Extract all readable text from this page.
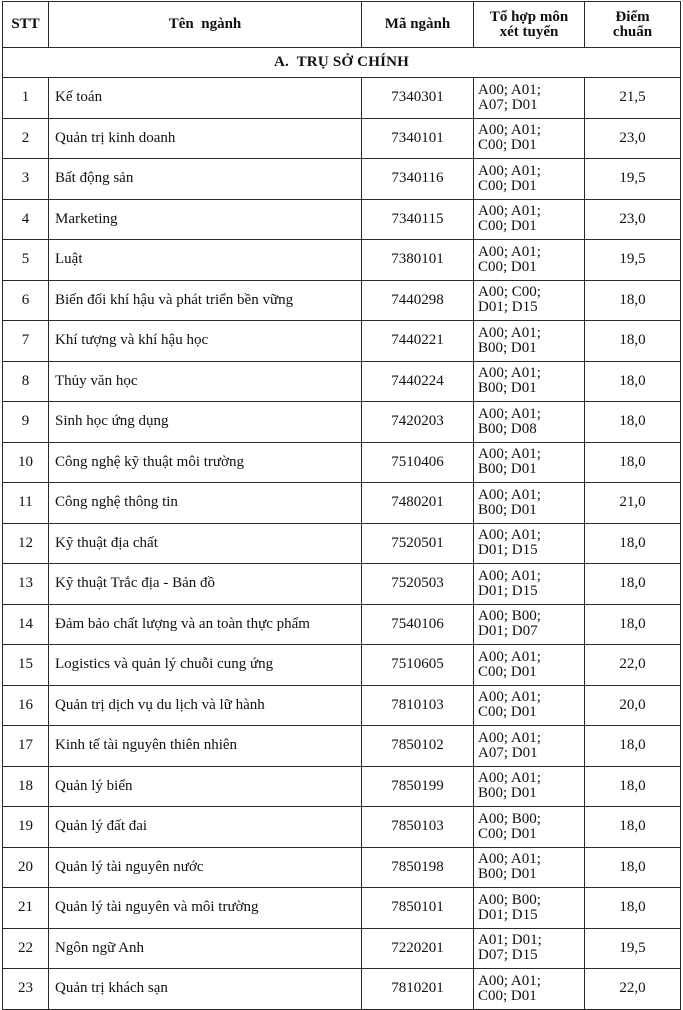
STT	Tên  ngành	Mã ngành	Tổ hợp môn
xét tuyển	Điểm
chuẩn

A.  TRỤ SỞ CHÍNH				
1	Kế toán	7340301	A00; A01;
A07; D01	21,5
2	Quản trị kinh doanh	7340101	A00; A01;
C00; D01	23,0
3	Bất động sản	7340116	A00; A01;
C00; D01	19,5
4	Marketing	7340115	A00; A01;
C00; D01	23,0
5	Luật	7380101	A00; A01;
C00; D01	19,5
6	Biến đổi khí hậu và phát triển bền vững	7440298	A00; C00;
D01; D15	18,0
7	Khí tượng và khí hậu học	7440221	A00; A01;
B00; D01	18,0
8	Thủy văn học	7440224	A00; A01;
B00; D01	18,0
9	Sinh học ứng dụng	7420203	A00; A01;
B00; D08	18,0
10	Công nghệ kỹ thuật môi trường	7510406	A00; A01;
B00; D01	18,0
11	Công nghệ thông tin	7480201	A00; A01;
B00; D01	21,0
12	Kỹ thuật địa chất	7520501	A00; A01;
D01; D15	18,0
13	Kỹ thuật Trắc địa - Bản đồ	7520503	A00; A01;
D01; D15	18,0
14	Đảm bảo chất lượng và an toàn thực phẩm	7540106	A00; B00;
D01; D07	18,0
15	Logistics và quản lý chuỗi cung ứng	7510605	A00; A01;
C00; D01	22,0
16	Quản trị dịch vụ du lịch và lữ hành	7810103	A00; A01;
C00; D01	20,0
17	Kinh tế tài nguyên thiên nhiên	7850102	A00; A01;
A07; D01	18,0
18	Quản lý biển	7850199	A00; A01;
B00; D01	18,0
19	Quản lý đất đai	7850103	A00; B00;
C00; D01	18,0
20	Quản lý tài nguyên nước	7850198	A00; A01;
B00; D01	18,0
21	Quản lý tài nguyên và môi trường	7850101	A00; B00;
D01; D15	18,0
22	Ngôn ngữ Anh	7220201	A01; D01;
D07; D15	19,5
23	Quản trị khách sạn	7810201	A00; A01;
C00; D01	22,0
